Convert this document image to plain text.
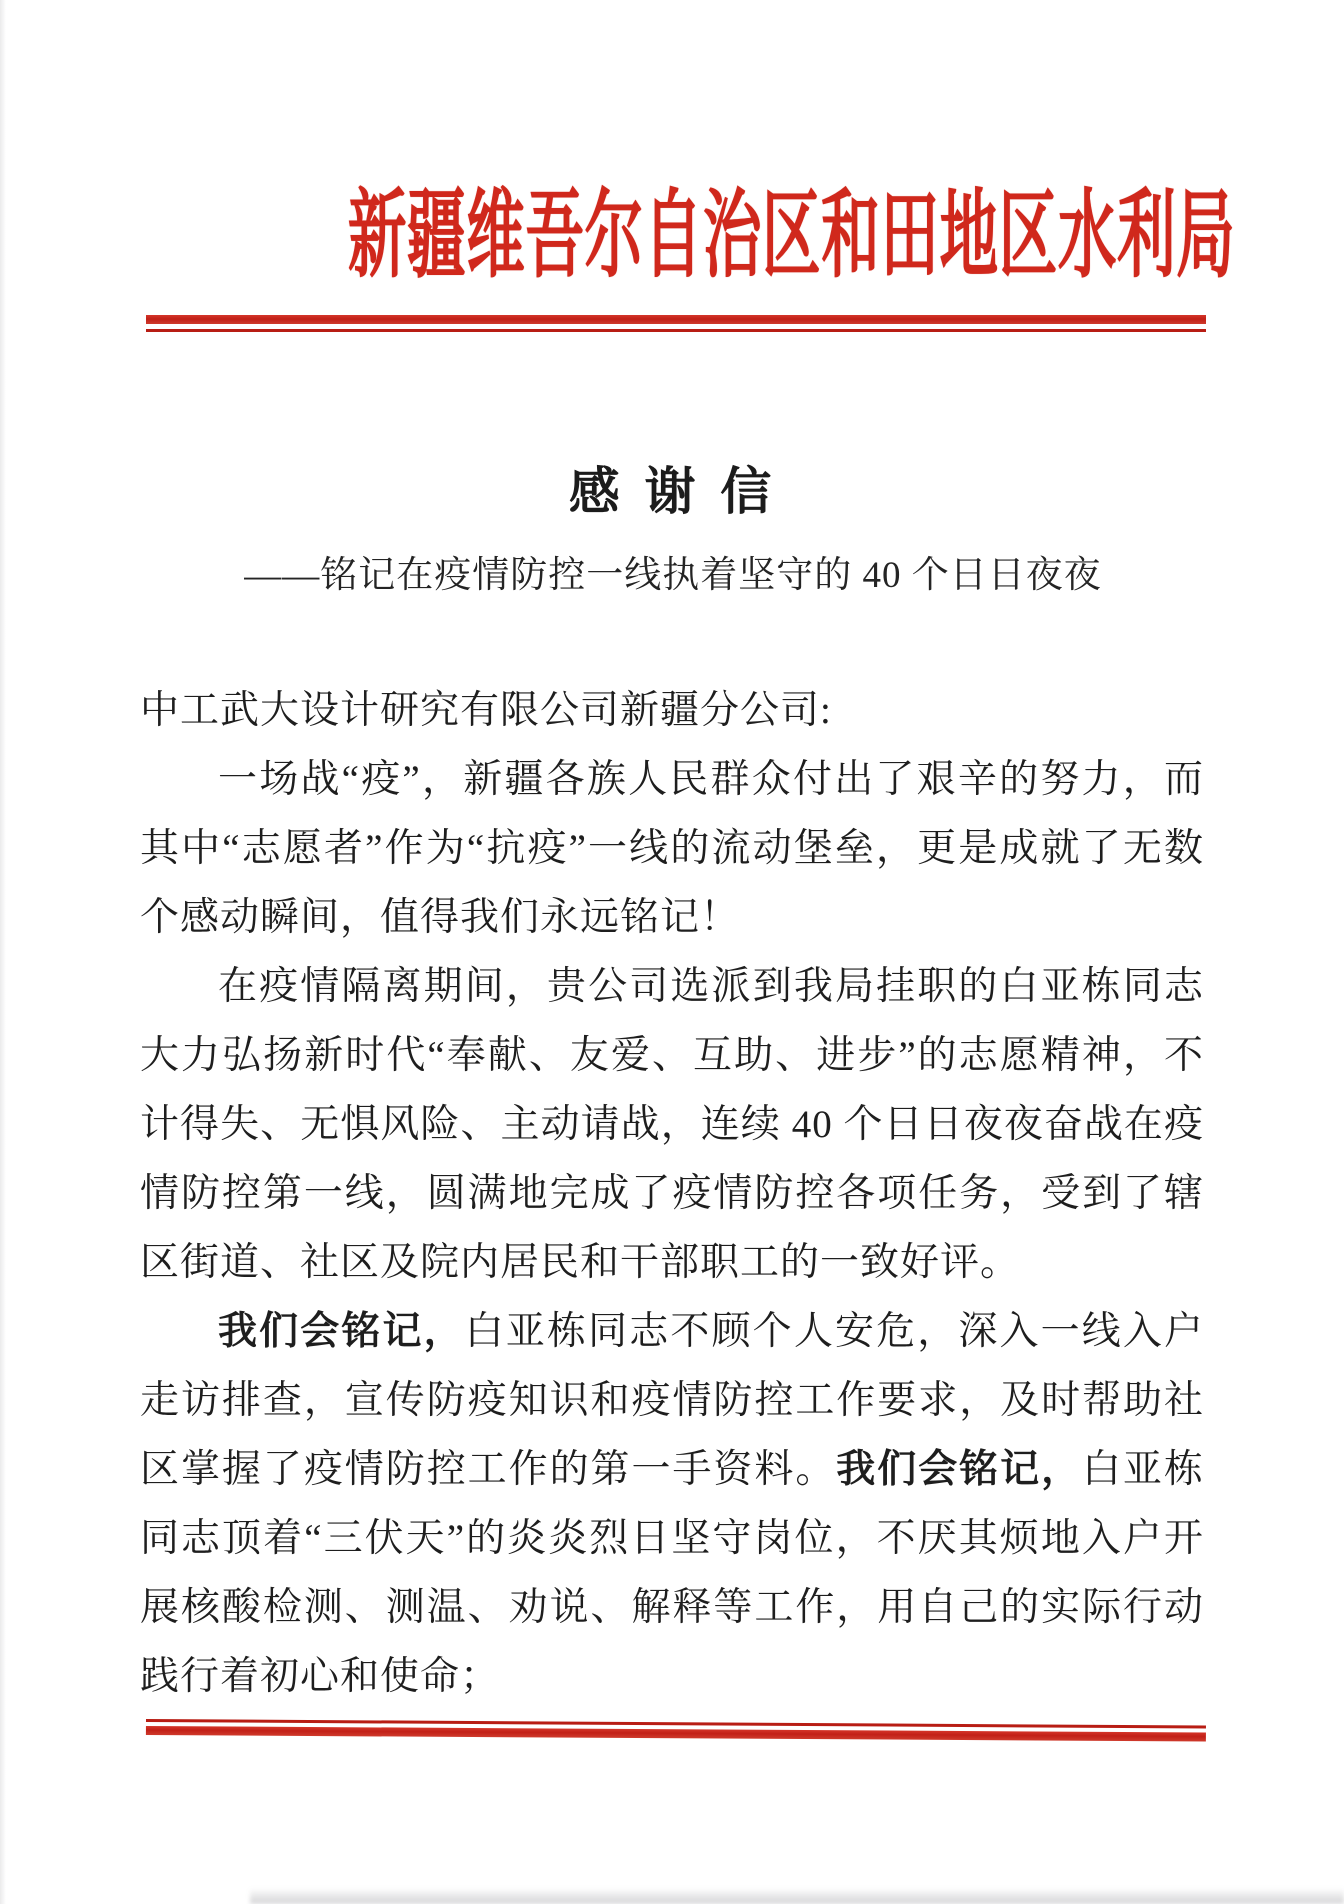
新疆维吾尔自治区和田地区水利局
感 谢 信
——铭记在疫情防控一线执着坚守的 40 个日日夜夜

中工武大设计研究有限公司新疆分公司:

一场战“疫”，新疆各族人民群众付出了艰辛的努力，而其中“志愿者”作为“抗疫”一线的流动堡垒，更是成就了无数个感动瞬间，值得我们永远铭记！

在疫情隔离期间，贵公司选派到我局挂职的白亚栋同志大力弘扬新时代“奉献、友爱、互助、进步”的志愿精神，不计得失、无惧风险、主动请战，连续 40 个日日夜夜奋战在疫情防控第一线，圆满地完成了疫情防控各项任务，受到了辖区街道、社区及院内居民和干部职工的一致好评。

我们会铭记，白亚栋同志不顾个人安危，深入一线入户走访排查，宣传防疫知识和疫情防控工作要求，及时帮助社区掌握了疫情防控工作的第一手资料。我们会铭记，白亚栋同志顶着“三伏天”的炎炎烈日坚守岗位，不厌其烦地入户开展核酸检测、测温、劝说、解释等工作，用自己的实际行动践行着初心和使命；
